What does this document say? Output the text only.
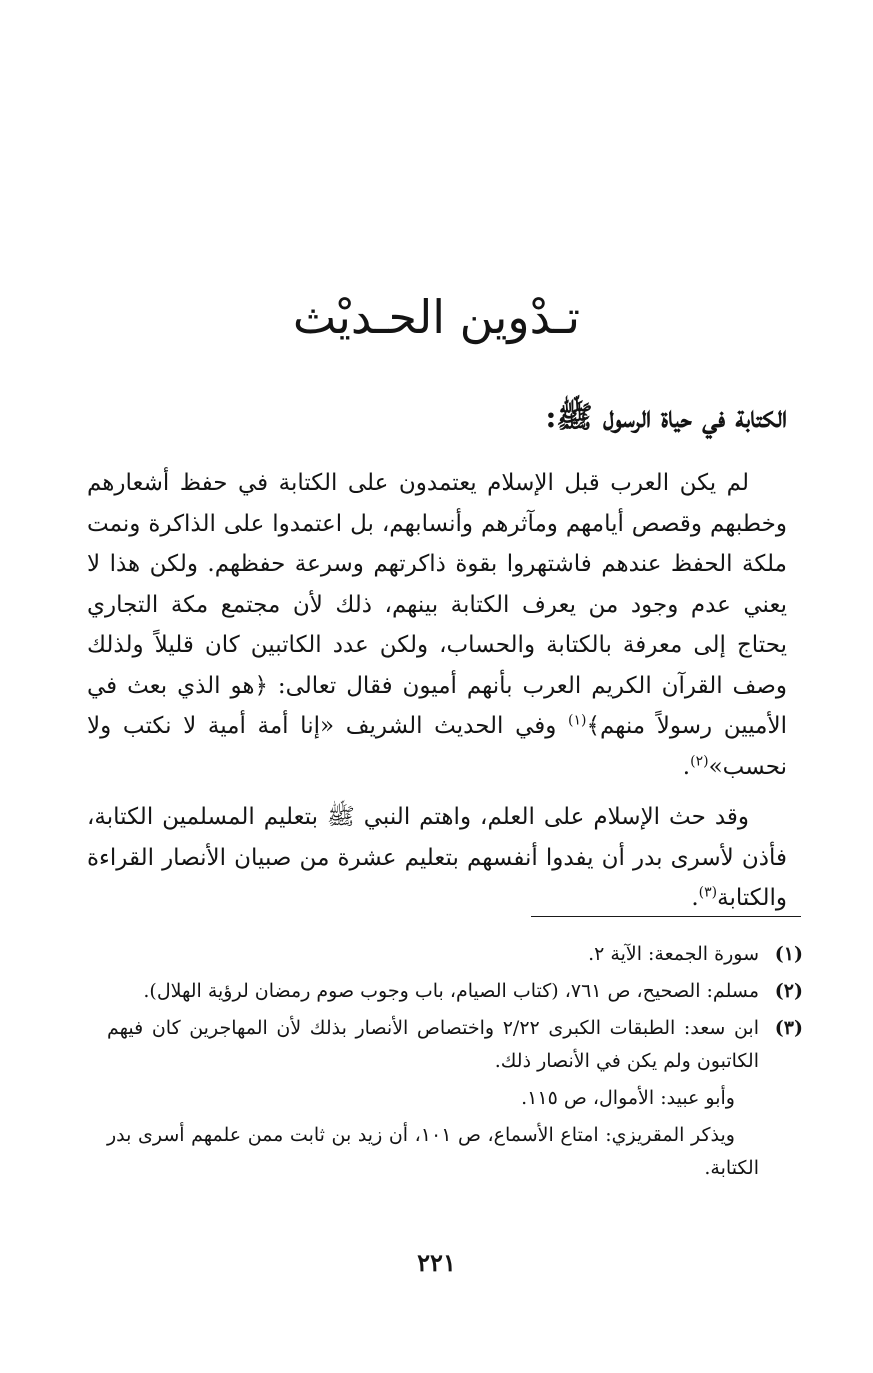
تـدْوين الحـديْث
الكتابة في حياة الرسول ﷺ:

لم يكن العرب قبل الإسلام يعتمدون على الكتابة في حفظ أشعارهم وخطبهم وقصص أيامهم ومآثرهم وأنسابهم، بل اعتمدوا على الذاكرة ونمت ملكة الحفظ عندهم فاشتهروا بقوة ذاكرتهم وسرعة حفظهم. ولكن هذا لا يعني عدم وجود من يعرف الكتابة بينهم، ذلك لأن مجتمع مكة التجاري يحتاج إلى معرفة بالكتابة والحساب، ولكن عدد الكاتبين كان قليلاً ولذلك وصف القرآن الكريم العرب بأنهم أميون فقال تعالى: ﴿هو الذي بعث في الأميين رسولاً منهم﴾$^{(١)}$ وفي الحديث الشريف «إنا أمة أمية لا نكتب ولا نحسب»$^{(٢)}$.

وقد حث الإسلام على العلم، واهتم النبي ﷺ بتعليم المسلمين الكتابة، فأذن لأسرى بدر أن يفدوا أنفسهم بتعليم عشرة من صبيان الأنصار القراءة والكتابة$^{(٣)}$.

(١)
سورة الجمعة: الآية ٢.
(٢)
مسلم: الصحيح، ص ٧٦١، (كتاب الصيام، باب وجوب صوم رمضان لرؤية الهلال).
(٣)
ابن سعد: الطبقات الكبرى ٢/٢٢ واختصاص الأنصار بذلك لأن المهاجرين كان فيهم الكاتبون ولم يكن في الأنصار ذلك.
وأبو عبيد: الأموال، ص ١١٥.
ويذكر المقريزي: امتاع الأسماع، ص ١٠١، أن زيد بن ثابت ممن علمهم أسرى بدر الكتابة.
٢٢١
